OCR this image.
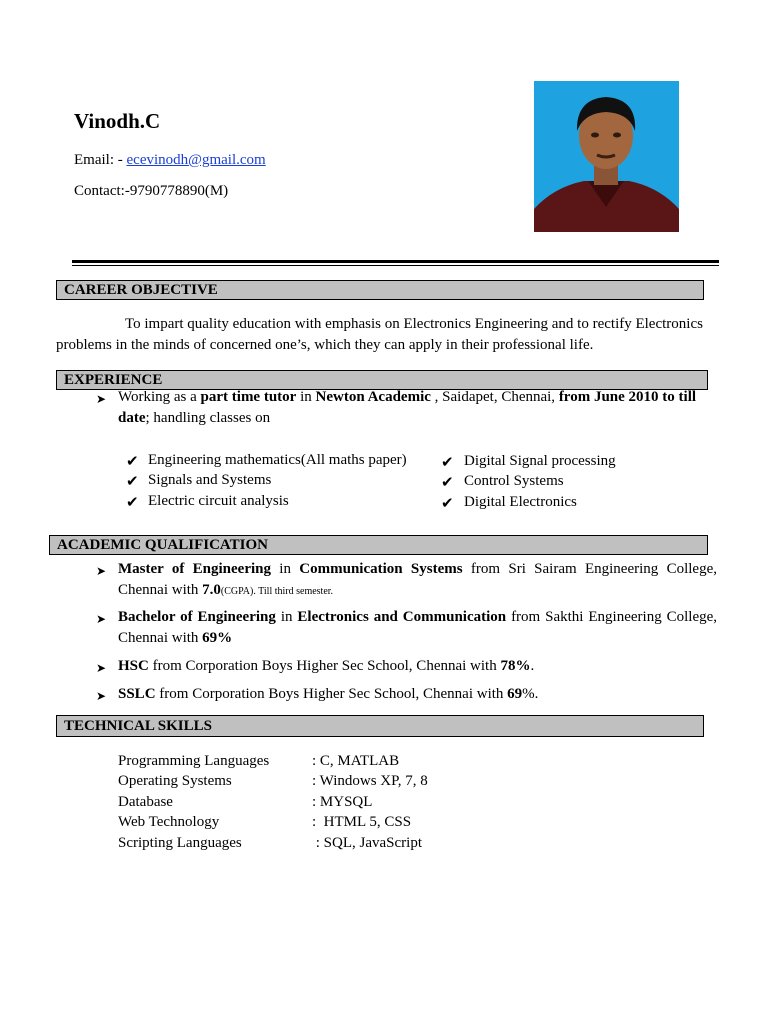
Vinodh.C
Email: - ecevinodh@gmail.com
Contact:-9790778890(M)
CAREER OBJECTIVE
To impart quality education with emphasis on Electronics Engineering and to rectify Electronics
problems in the minds of concerned one’s, which they can apply in their professional life.
EXPERIENCE
➤ Working as a part time tutor in Newton Academic , Saidapet, Chennai, from June 2010 to till
date; handling classes on
✔ Engineering mathematics(All maths paper)
✔ Signals and Systems
✔ Electric circuit analysis
✔ Digital Signal processing
✔ Control Systems
✔ Digital Electronics
ACADEMIC QUALIFICATION
➤ Master of Engineering in Communication Systems from Sri Sairam Engineering College,
Chennai with 7.0(CGPA). Till third semester.
➤ Bachelor of Engineering in Electronics and Communication from Sakthi Engineering College,
Chennai with 69%
➤ HSC from Corporation Boys Higher Sec School, Chennai with 78%.
➤ SSLC from Corporation Boys Higher Sec School, Chennai with 69%.
TECHNICAL SKILLS
Programming Languages	: C, MATLAB
Operating Systems	: Windows XP, 7, 8
Database	: MYSQL
Web Technology	:  HTML 5, CSS
Scripting Languages	: SQL, JavaScript
